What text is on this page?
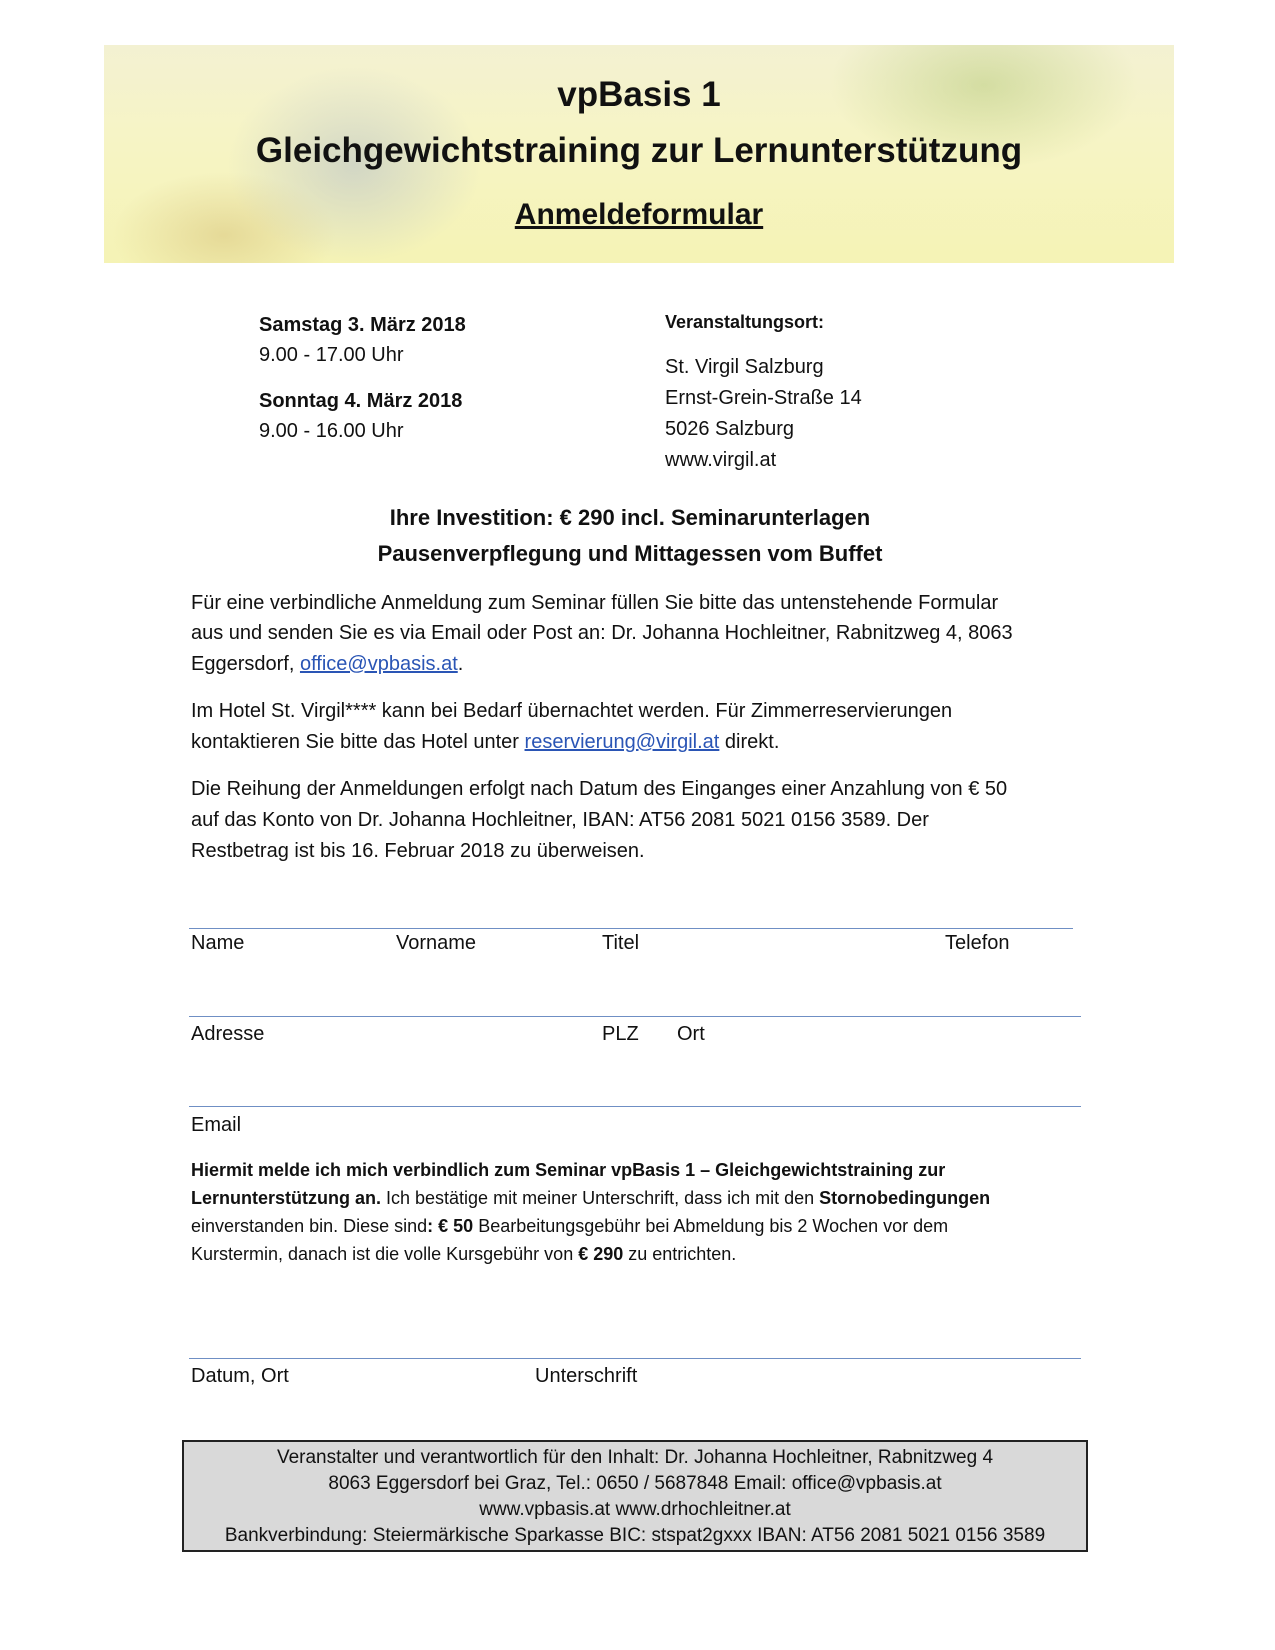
vpBasis 1
Gleichgewichtstraining zur Lernunterstützung
Anmeldeformular
Samstag 3. März 2018
9.00 - 17.00 Uhr
Sonntag 4. März 2018
9.00 - 16.00 Uhr
Veranstaltungsort:
St. Virgil Salzburg
Ernst-Grein-Straße 14
5026 Salzburg
www.virgil.at
Ihre Investition: € 290 incl. Seminarunterlagen
Pausenverpflegung und Mittagessen vom Buffet
Für eine verbindliche Anmeldung zum Seminar füllen Sie bitte das untenstehende Formular
aus und senden Sie es via Email oder Post an: Dr. Johanna Hochleitner, Rabnitzweg 4, 8063
Eggersdorf, office@vpbasis.at.
Im Hotel St. Virgil**** kann bei Bedarf übernachtet werden. Für Zimmerreservierungen
kontaktieren Sie bitte das Hotel unter reservierung@virgil.at direkt.
Die Reihung der Anmeldungen erfolgt nach Datum des Einganges einer Anzahlung von € 50
auf das Konto von Dr. Johanna Hochleitner, IBAN: AT56 2081 5021 0156 3589. Der
Restbetrag ist bis 16. Februar 2018 zu überweisen.
Name	Vorname	Titel	Telefon
Adresse	PLZ Ort
Email
Hiermit melde ich mich verbindlich zum Seminar vpBasis 1 – Gleichgewichtstraining zur
Lernunterstützung an. Ich bestätige mit meiner Unterschrift, dass ich mit den Stornobedingungen
einverstanden bin. Diese sind: € 50 Bearbeitungsgebühr bei Abmeldung bis 2 Wochen vor dem
Kurstermin, danach ist die volle Kursgebühr von € 290 zu entrichten.
Datum, Ort	Unterschrift
Veranstalter und verantwortlich für den Inhalt: Dr. Johanna Hochleitner, Rabnitzweg 4
8063 Eggersdorf bei Graz, Tel.: 0650 / 5687848 Email: office@vpbasis.at
www.vpbasis.at www.drhochleitner.at
Bankverbindung: Steiermärkische Sparkasse BIC: stspat2gxxx IBAN: AT56 2081 5021 0156 3589
